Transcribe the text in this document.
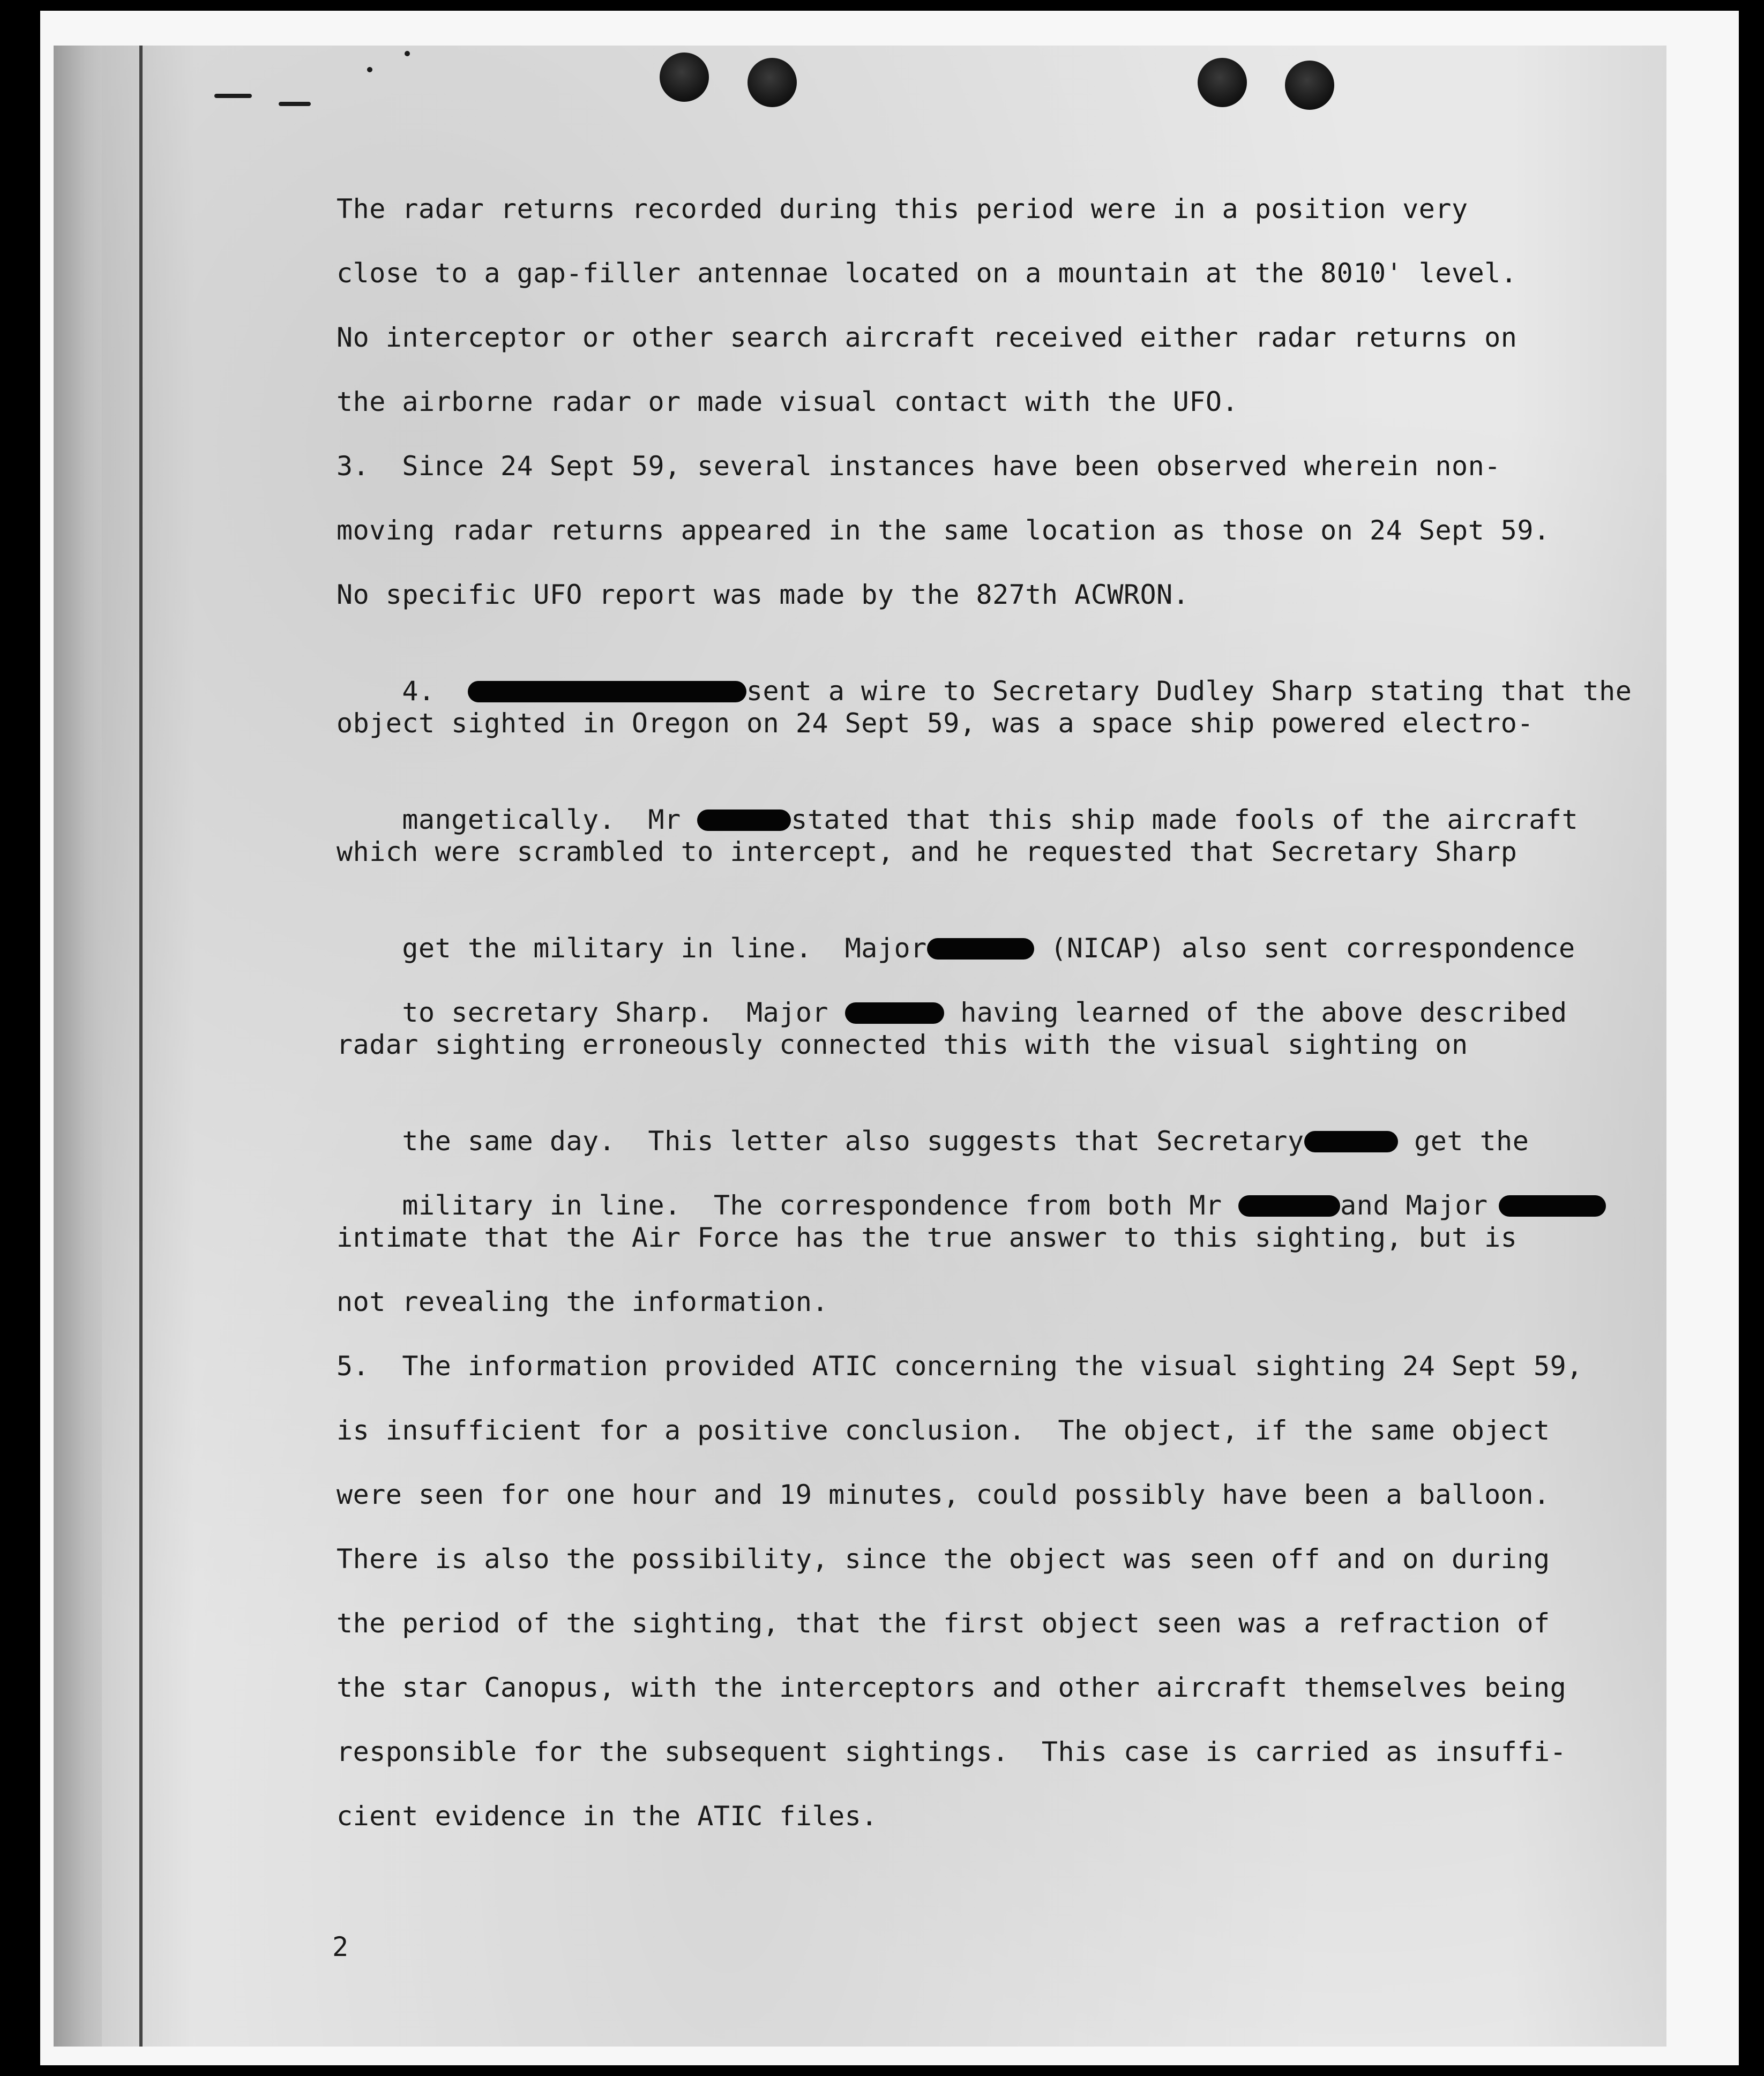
The radar returns recorded during this period were in a position very
close to a gap-filler antennae located on a mountain at the 8010' level.
No interceptor or other search aircraft received either radar returns on
the airborne radar or made visual contact with the UFO.
3.  Since 24 Sept 59, several instances have been observed wherein non-
moving radar returns appeared in the same location as those on 24 Sept 59.
No specific UFO report was made by the 827th ACWRON.

4.	sent a wire to Secretary Dudley Sharp stating that the

object sighted in Oregon on 24 Sept 59, was a space ship powered electro-

mangetically.  Mr	stated that this ship made fools of the aircraft

which were scrambled to intercept, and he requested that Secretary Sharp

get the military in line.  Major	(NICAP) also sent correspondence

to secretary Sharp.  Major	having learned of the above described

radar sighting erroneously connected this with the visual sighting on

the same day.  This letter also suggests that Secretary	get the

military in line.  The correspondence from both Mr	and Major

intimate that the Air Force has the true answer to this sighting, but is
not revealing the information.
5.  The information provided ATIC concerning the visual sighting 24 Sept 59,
is insufficient for a positive conclusion.  The object, if the same object
were seen for one hour and 19 minutes, could possibly have been a balloon.
There is also the possibility, since the object was seen off and on during
the period of the sighting, that the first object seen was a refraction of
the star Canopus, with the interceptors and other aircraft themselves being
responsible for the subsequent sightings.  This case is carried as insuffi-
cient evidence in the ATIC files.
2
